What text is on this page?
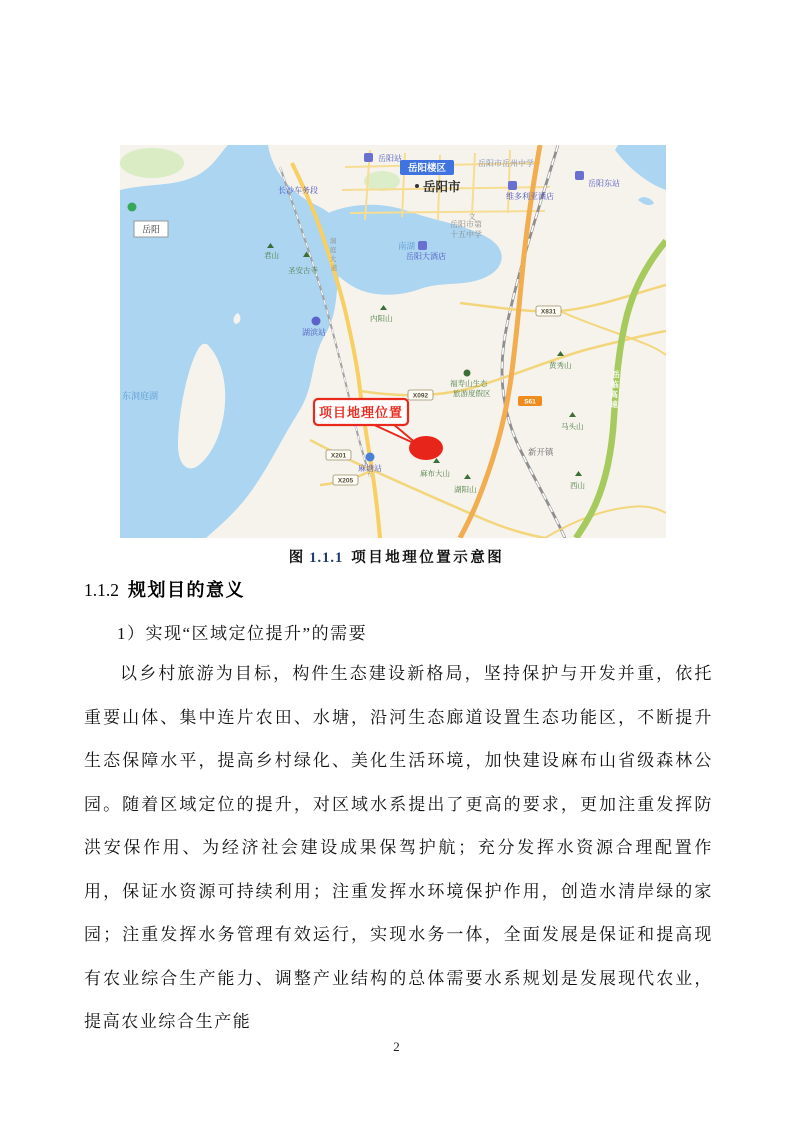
洞 庭 大 道
岳 临 高 速
X831
X092
X201
X205
S61
东洞庭湖
南湖
岳阳
岳阳楼区
岳阳市
文
岳阳站
岳阳东站
维多利亚酒店
岳阳大酒店
长沙车务段
湖滨站
麻塘站
岳阳市岳州中学
岳阳市第
十五中学
君山
圣安古寺
内阳山
麻布大山
黄秀山
马头山
湖阳山	西山
福寿山生态
旅游度假区
新开镇
项目地理位置
图 1.1.1 项目地理位置示意图
1.1.2 规划目的意义
1）实现“区域定位提升”的需要

以乡村旅游为目标，构件生态建设新格局，坚持保护与开发并重，依托重要山体、集中连片农田、水塘，沿河生态廊道设置生态功能区，不断提升生态保障水平，提高乡村绿化、美化生活环境，加快建设麻布山省级森林公园。随着区域定位的提升，对区域水系提出了更高的要求，更加注重发挥防洪安保作用、为经济社会建设成果保驾护航；充分发挥水资源合理配置作用，保证水资源可持续利用；注重发挥水环境保护作用，创造水清岸绿的家园；注重发挥水务管理有效运行，实现水务一体，全面发展是保证和提高现有农业综合生产能力、调整产业结构的总体需要水系规划是发展现代农业，提高农业综合生产能

2
